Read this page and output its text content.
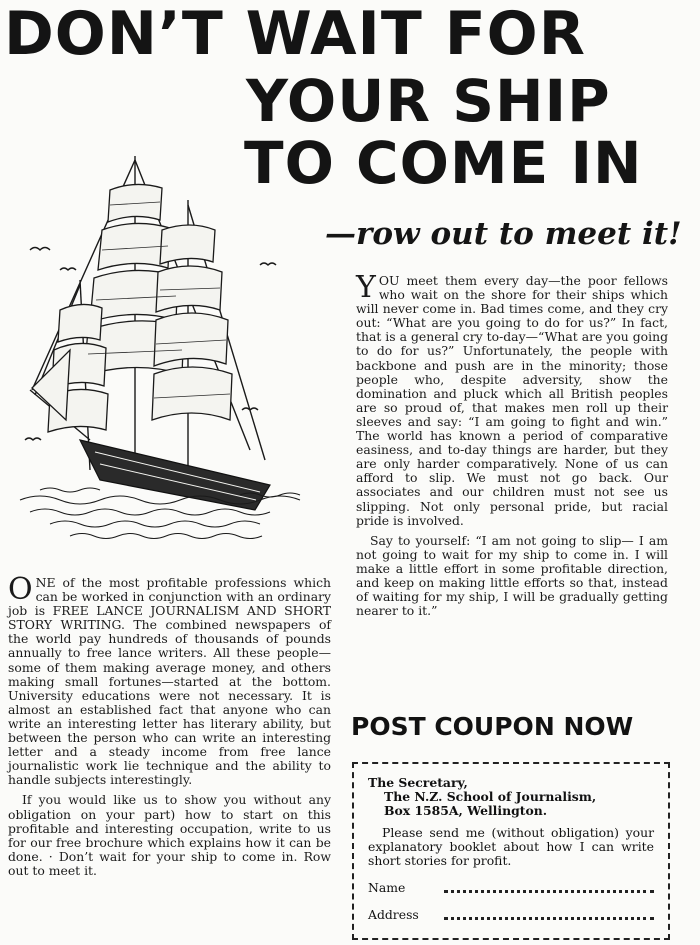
DON’T WAIT FOR
YOUR SHIP
TO COME IN
—row out to meet it!

YOU meet them every day—the poor fellows who wait on the shore for their ships which will never come in. Bad times come, and they cry out: “What are you going to do for us?” In fact, that is a general cry to-day—“What are you going to do for us?” Unfortunately, the people with backbone and push are in the minority; those people who, despite adversity, show the domination and pluck which all British peoples are so proud of, that makes men roll up their sleeves and say: “I am going to fight and win.” The world has known a period of comparative easiness, and to-day things are harder, but they are only harder comparatively. None of us can afford to slip. We must not go back. Our associates and our children must not see us slipping. Not only personal pride, but racial pride is involved.

Say to yourself: “I am not going to slip— I am not going to wait for my ship to come in. I will make a little effort in some profitable direction, and keep on making little efforts so that, instead of waiting for my ship, I will be gradually getting nearer to it.”

ONE of the most profitable professions which can be worked in conjunction with an ordinary job is FREE LANCE JOURNALISM AND SHORT STORY WRITING. The combined newspapers of the world pay hundreds of thousands of pounds annually to free lance writers. All these people—some of them making average money, and others making small fortunes—started at the bottom. University educations were not necessary. It is almost an established fact that anyone who can write an interesting letter has literary ability, but between the person who can write an interesting letter and a steady income from free lance journalistic work lie technique and the ability to handle subjects interestingly.

If you would like us to show you without any obligation on your part) how to start on this profitable and interesting occupation, write to us for our free brochure which explains how it can be done. · Don’t wait for your ship to come in. Row out to meet it.

POST COUPON NOW

The Secretary,

The N.Z. School of Journalism,

Box 1585A, Wellington.

Please send me (without obligation) your explanatory booklet about how I can write short stories for profit.

Name
Address
